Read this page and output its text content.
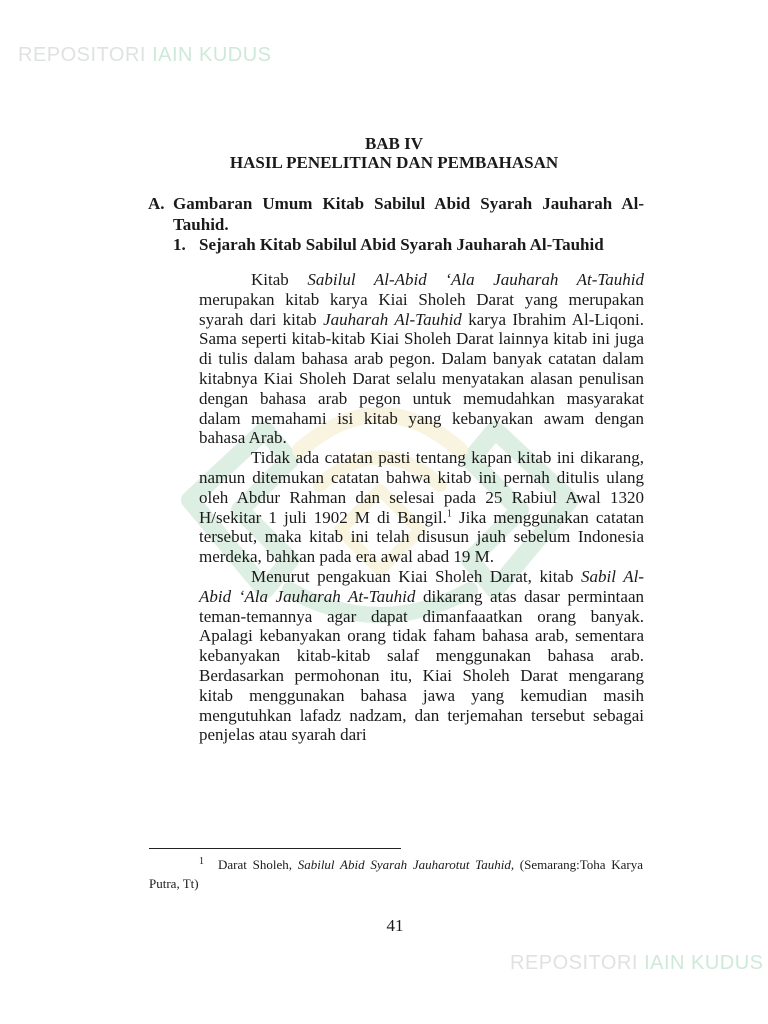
REPOSITORI IAIN KUDUS
BAB IV
HASIL PENELITIAN DAN PEMBAHASAN
A. Gambaran Umum Kitab Sabilul Abid Syarah Jauharah Al-Tauhid.
1. Sejarah Kitab Sabilul Abid Syarah Jauharah Al-Tauhid

Kitab Sabilul Al-Abid ‘Ala Jauharah At-Tauhid merupakan kitab karya Kiai Sholeh Darat yang merupakan syarah dari kitab Jauharah Al-Tauhid karya Ibrahim Al-Liqoni. Sama seperti kitab-kitab Kiai Sholeh Darat lainnya kitab ini juga di tulis dalam bahasa arab pegon. Dalam banyak catatan dalam kitabnya Kiai Sholeh Darat selalu menyatakan alasan penulisan dengan bahasa arab pegon untuk memudahkan masyarakat dalam memahami isi kitab yang kebanyakan awam dengan bahasa Arab.

Tidak ada catatan pasti tentang kapan kitab ini dikarang, namun ditemukan catatan bahwa kitab ini pernah ditulis ulang oleh Abdur Rahman dan selesai pada 25 Rabiul Awal 1320 H/sekitar 1 juli 1902 M di Bangil.$^1$ Jika menggunakan catatan tersebut, maka kitab ini telah disusun jauh sebelum Indonesia merdeka, bahkan pada era awal abad 19 M.

Menurut pengakuan Kiai Sholeh Darat, kitab Sabil Al-Abid ‘Ala Jauharah At-Tauhid dikarang atas dasar permintaan teman-temannya agar dapat dimanfaaatkan orang banyak. Apalagi kebanyakan orang tidak faham bahasa arab, sementara kebanyakan kitab-kitab salaf menggunakan bahasa arab. Berdasarkan permohonan itu, Kiai Sholeh Darat mengarang kitab menggunakan bahasa jawa yang kemudian masih mengutuhkan lafadz nadzam, dan terjemahan tersebut sebagai penjelas atau syarah dari

1 Darat Sholeh, Sabilul Abid Syarah Jauharotut Tauhid, (Semarang:Toha Karya Putra, Tt)
41
REPOSITORI IAIN KUDUS
